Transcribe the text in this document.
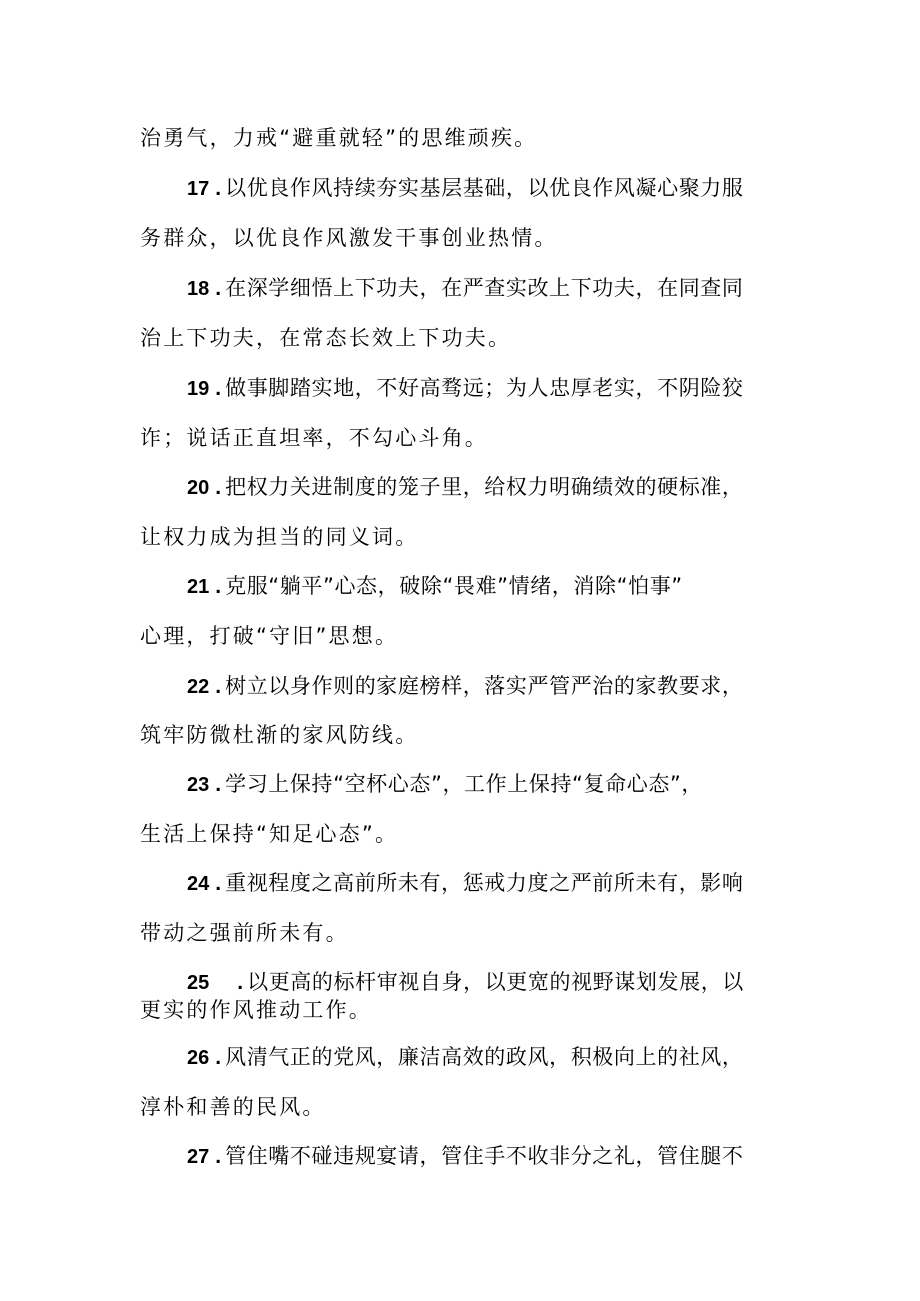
治勇气，力戒“避重就轻”的思维顽疾。
17 . 以优良作风持续夯实基层基础，以优良作风凝心聚力服
务群众，以优良作风激发干事创业热情。
18 . 在深学细悟上下功夫，在严查实改上下功夫，在同查同
治上下功夫，在常态长效上下功夫。
19 . 做事脚踏实地，不好高骛远；为人忠厚老实，不阴险狡
诈；说话正直坦率，不勾心斗角。
20 . 把权力关进制度的笼子里，给权力明确绩效的硬标准，
让权力成为担当的同义词。
21 . 克服“躺平”心态，破除“畏难”情绪，消除“怕事”
心理，打破“守旧”思想。
22 . 树立以身作则的家庭榜样，落实严管严治的家教要求，
筑牢防微杜渐的家风防线。
23 . 学习上保持“空杯心态”，工作上保持“复命心态”，
生活上保持“知足心态”。
24 . 重视程度之高前所未有，惩戒力度之严前所未有，影响
带动之强前所未有。
25 . 以更高的标杆审视自身，以更宽的视野谋划发展，以
更实的作风推动工作。
26 . 风清气正的党风，廉洁高效的政风，积极向上的社风，
淳朴和善的民风。
27 . 管住嘴不碰违规宴请，管住手不收非分之礼，管住腿不
